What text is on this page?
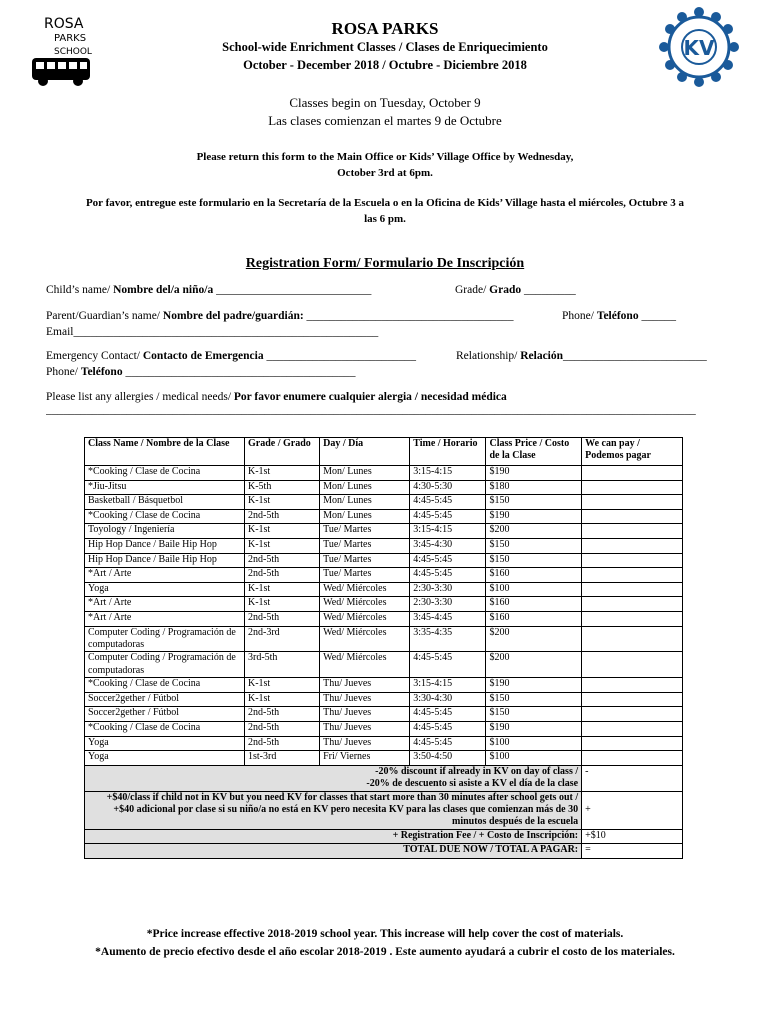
ROSA
PARKS
SCHOOL	KV
ROSA PARKS
School-wide Enrichment Classes / Clases de Enriquecimiento
October - December 2018 / Octubre - Diciembre 2018
Classes begin on Tuesday, October 9
Las clases comienzan el martes 9 de Octubre
Please return this form to the Main Office or Kids’ Village Office by Wednesday, October 3rd at 6pm.
Por favor, entregue este formulario en la Secretaría de la Escuela o en la Oficina de Kids’ Village hasta el miércoles, Octubre 3 a las 6 pm.
Registration Form/ Formulario De Inscripción
Child’s name/ Nombre del/a niño/a ___________________________	Grade/ Grado _________
Parent/Guardian’s name/ Nombre del padre/guardián: ____________________________________	Phone/ Teléfono ______
Email_____________________________________________________
Emergency Contact/ Contacto de Emergencia __________________________	Relationship/ Relación_________________________
Phone/ Teléfono ________________________________________
Please list any allergies / medical needs/ Por favor enumere cualquier alergia / necesidad médica
_________________________________________________________________________________________________________________
Class Name / Nombre de la Clase	Grade / Grado	Day / Día	Time / Horario	Class Price / Costo de la Clase	We can pay / Podemos pagar
*Cooking / Clase de Cocina	K-1st	Mon/ Lunes	3:15-4:15	$190	
*Jiu-Jitsu	K-5th	Mon/ Lunes	4:30-5:30	$180	
Basketball / Básquetbol	K-1st	Mon/ Lunes	4:45-5:45	$150	
*Cooking / Clase de Cocina	2nd-5th	Mon/ Lunes	4:45-5:45	$190	
Toyology / Ingeniería	K-1st	Tue/ Martes	3:15-4:15	$200	
Hip Hop Dance / Baile Hip Hop	K-1st	Tue/ Martes	3:45-4:30	$150	
Hip Hop Dance / Baile Hip Hop	2nd-5th	Tue/ Martes	4:45-5:45	$150	
*Art / Arte	2nd-5th	Tue/ Martes	4:45-5:45	$160	
Yoga	K-1st	Wed/ Miércoles	2:30-3:30	$100	
*Art / Arte	K-1st	Wed/ Miércoles	2:30-3:30	$160	
*Art / Arte	2nd-5th	Wed/ Miércoles	3:45-4:45	$160	
Computer Coding / Programación de computadoras	2nd-3rd	Wed/ Miércoles	3:35-4:35	$200	
Computer Coding / Programación de computadoras	3rd-5th	Wed/ Miércoles	4:45-5:45	$200	
*Cooking / Clase de Cocina	K-1st	Thu/ Jueves	3:15-4:15	$190	
Soccer2gether / Fútbol	K-1st	Thu/ Jueves	3:30-4:30	$150	
Soccer2gether / Fútbol	2nd-5th	Thu/ Jueves	4:45-5:45	$150	
*Cooking / Clase de Cocina	2nd-5th	Thu/ Jueves	4:45-5:45	$190	
Yoga	2nd-5th	Thu/ Jueves	4:45-5:45	$100	
Yoga	1st-3rd	Fri/ Viernes	3:50-4:50	$100	

-20% discount if already in KV on day of class /
-20% de descuento si asiste a KV el día de la clase					-

+$40/class if child not in KV but you need KV for classes that start more than 30 minutes after school gets out /
+$40 adicional por clase si su niño/a no está en KV pero necesita KV para las clases que comienzan más de 30 minutos después de la escuela					+
+ Registration Fee / + Costo de Inscripción:					+$10
TOTAL DUE NOW / TOTAL A PAGAR:					=
*Price increase effective 2018-2019 school year. This increase will help cover the cost of materials.
*Aumento de precio efectivo desde el año escolar 2018-2019 . Este aumento ayudará a cubrir el costo de los materiales.
